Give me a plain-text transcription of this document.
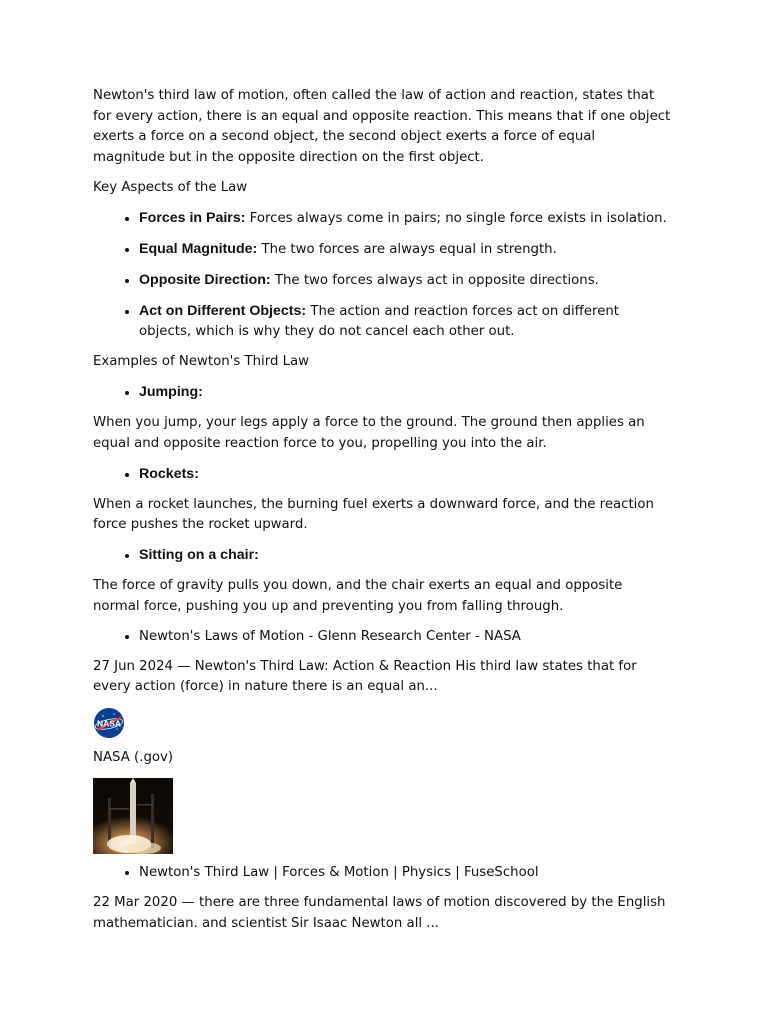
Newton's third law of motion, often called the law of action and reaction, states that for every action, there is an equal and opposite reaction. This means that if one object exerts a force on a second object, the second object exerts a force of equal magnitude but in the opposite direction on the first object.

Key Aspects of the Law

• Forces in Pairs: Forces always come in pairs; no single force exists in isolation.
• Equal Magnitude: The two forces are always equal in strength.
• Opposite Direction: The two forces always act in opposite directions.
• Act on Different Objects: The action and reaction forces act on different objects, which is why they do not cancel each other out.

Examples of Newton's Third Law

• Jumping:

When you jump, your legs apply a force to the ground. The ground then applies an equal and opposite reaction force to you, propelling you into the air.

• Rockets:

When a rocket launches, the burning fuel exerts a downward force, and the reaction force pushes the rocket upward.

• Sitting on a chair:

The force of gravity pulls you down, and the chair exerts an equal and opposite normal force, pushing you up and preventing you from falling through.

• Newton's Laws of Motion - Glenn Research Center - NASA

27 Jun 2024 — Newton's Third Law: Action & Reaction His third law states that for every action (force) in nature there is an equal an...

NASA

NASA (.gov)

• Newton's Third Law | Forces & Motion | Physics | FuseSchool

22 Mar 2020 — there are three fundamental laws of motion discovered by the English mathematician. and scientist Sir Isaac Newton all ...
